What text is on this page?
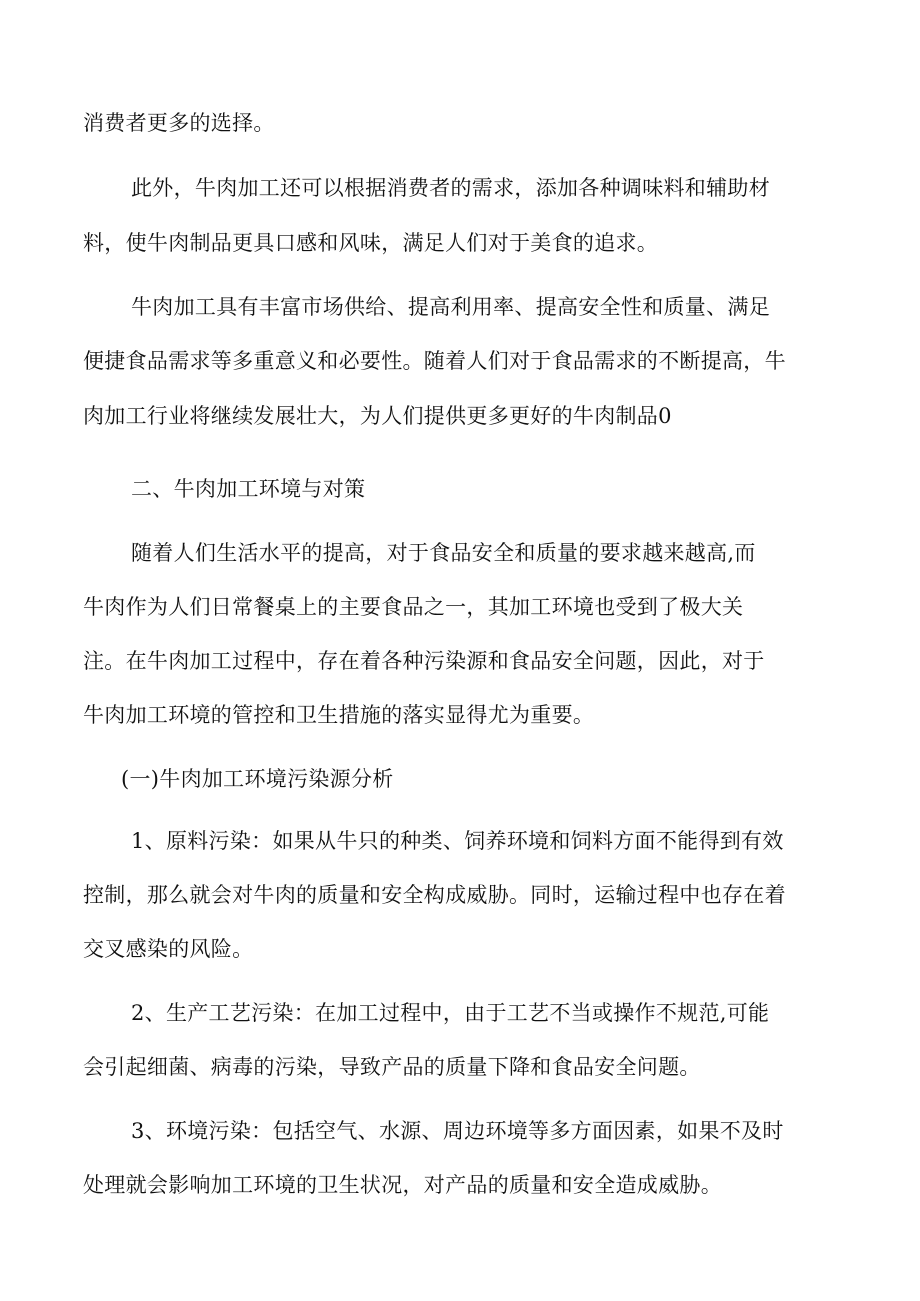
消费者更多的选择。
此外，牛肉加工还可以根据消费者的需求，添加各种调味料和辅助材
料，使牛肉制品更具口感和风味，满足人们对于美食的追求。
牛肉加工具有丰富市场供给、提高利用率、提高安全性和质量、满足
便捷食品需求等多重意义和必要性。随着人们对于食品需求的不断提高，牛
肉加工行业将继续发展壮大，为人们提供更多更好的牛肉制品0
二、牛肉加工环境与对策
随着人们生活水平的提高，对于食品安全和质量的要求越来越高,而
牛肉作为人们日常餐桌上的主要食品之一，其加工环境也受到了极大关
注。在牛肉加工过程中，存在着各种污染源和食品安全问题，因此，对于
牛肉加工环境的管控和卫生措施的落实显得尤为重要。
(一)牛肉加工环境污染源分析
1、原料污染：如果从牛只的种类、饲养环境和饲料方面不能得到有效
控制，那么就会对牛肉的质量和安全构成威胁。同时，运输过程中也存在着
交叉感染的风险。
2、生产工艺污染：在加工过程中，由于工艺不当或操作不规范,可能
会引起细菌、病毒的污染，导致产品的质量下降和食品安全问题。
3、环境污染：包括空气、水源、周边环境等多方面因素，如果不及时
处理就会影响加工环境的卫生状况，对产品的质量和安全造成威胁。
